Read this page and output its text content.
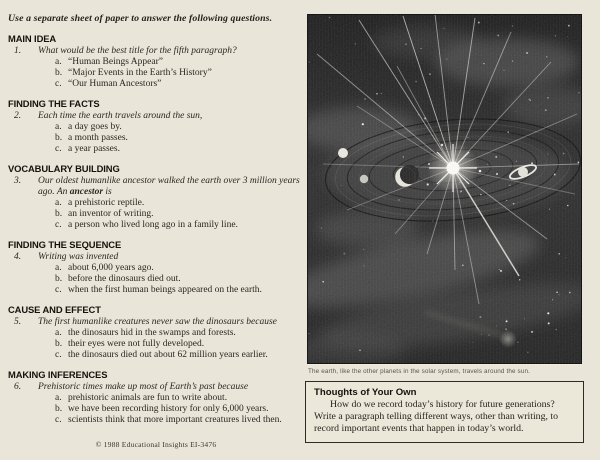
Use a separate sheet of paper to answer the following questions.

MAIN IDEA
1.	What would be the best title for the fifth paragraph?
a. “Human Beings Appear”
b. “Major Events in the Earth’s History”
c. “Our Human Ancestors”
FINDING THE FACTS
2.	Each time the earth travels around the sun,
a. a day goes by.
b. a month passes.
c. a year passes.
VOCABULARY BUILDING
3.	Our oldest humanlike ancestor walked the earth over 3 million years ago. An ancestor is
a. a prehistoric reptile.
b. an inventor of writing.
c. a person who lived long ago in a family line.
FINDING THE SEQUENCE
4.	Writing was invented
a. about 6,000 years ago.
b. before the dinosaurs died out.
c. when the first human beings appeared on the earth.
CAUSE AND EFFECT
5.	The first humanlike creatures never saw the dinosaurs because
a. the dinosaurs hid in the swamps and forests.
b. their eyes were not fully developed.
c. the dinosaurs died out about 62 million years earlier.
MAKING INFERENCES
6.	Prehistoric times make up most of Earth’s past because
a. prehistoric animals are fun to write about.
b. we have been recording history for only 6,000 years.
c. scientists think that more important creatures lived then.
© 1988 Educational Insights EI-3476
The earth, like the other planets in the solar system, travels around the sun.
Thoughts of Your Own
How do we record today’s history for future generations? Write a paragraph telling different ways, other than writing, to record important events that happen in today’s world.
